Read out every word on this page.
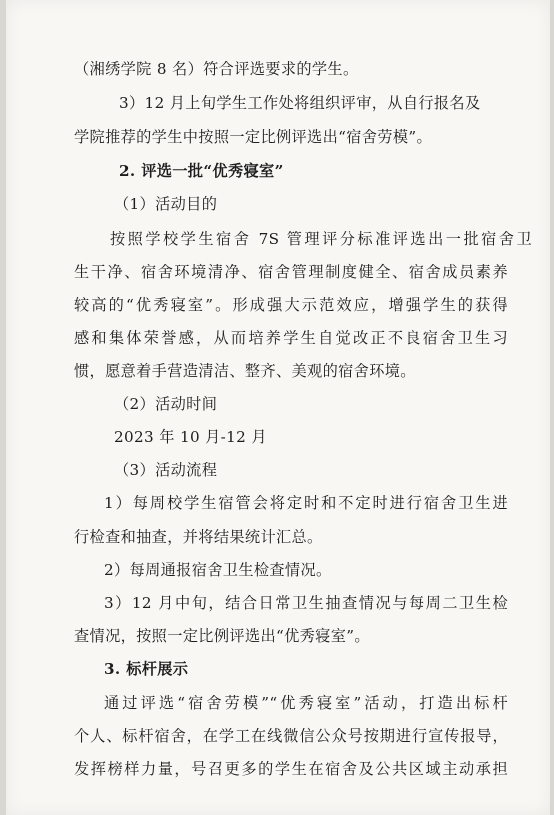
（湘绣学院 8 名）符合评选要求的学生。
3）12 月上旬学生工作处将组织评审，从自行报名及
学院推荐的学生中按照一定比例评选出“宿舍劳模”。
2. 评选一批“优秀寝室”
（1）活动目的
按照学校学生宿舍 7S 管理评分标准评选出一批宿舍卫
生干净、宿舍环境清净、宿舍管理制度健全、宿舍成员素养
较高的“优秀寝室”。形成强大示范效应，增强学生的获得
感和集体荣誉感，从而培养学生自觉改正不良宿舍卫生习
惯，愿意着手营造清洁、整齐、美观的宿舍环境。
（2）活动时间
2023 年 10 月-12 月
（3）活动流程
1）每周校学生宿管会将定时和不定时进行宿舍卫生进
行检查和抽查，并将结果统计汇总。
2）每周通报宿舍卫生检查情况。
3）12 月中旬，结合日常卫生抽查情况与每周二卫生检
查情况，按照一定比例评选出“优秀寝室”。
3. 标杆展示
通过评选“宿舍劳模”“优秀寝室”活动，打造出标杆
个人、标杆宿舍，在学工在线微信公众号按期进行宣传报导，
发挥榜样力量，号召更多的学生在宿舍及公共区域主动承担
